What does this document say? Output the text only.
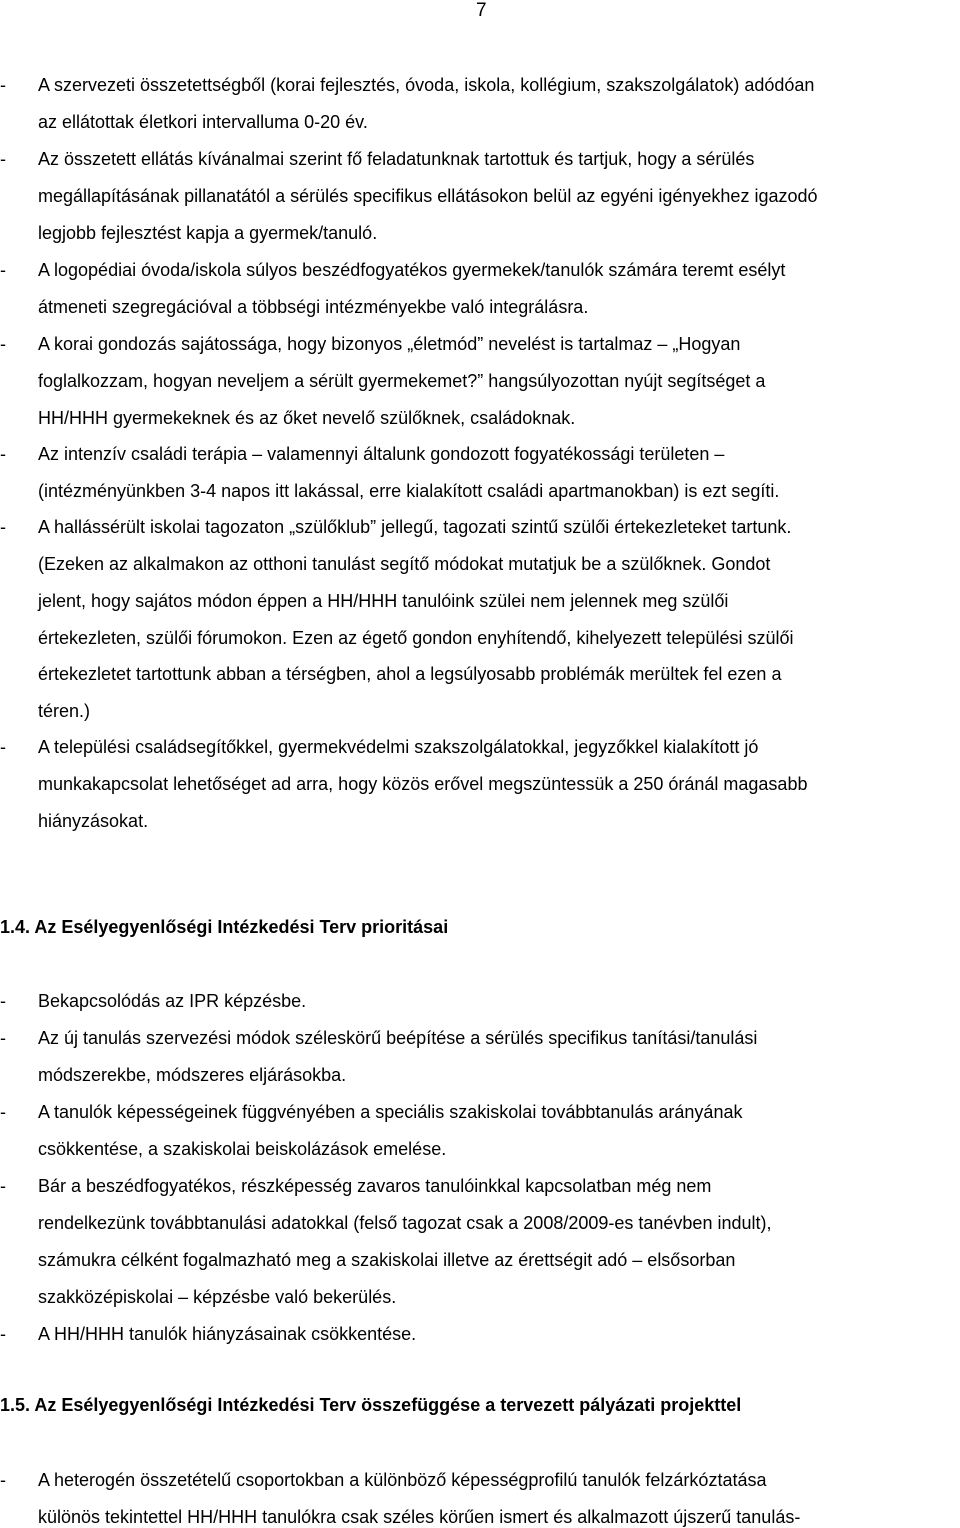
7
- A szervezeti összetettségből (korai fejlesztés, óvoda, iskola, kollégium, szakszolgálatok) adódóan
az ellátottak életkori intervalluma 0-20 év.
- Az összetett ellátás kívánalmai szerint fő feladatunknak tartottuk és tartjuk, hogy a sérülés
megállapításának pillanatától a sérülés specifikus ellátásokon belül az egyéni igényekhez igazodó
legjobb fejlesztést kapja a gyermek/tanuló.
- A logopédiai óvoda/iskola súlyos beszédfogyatékos gyermekek/tanulók számára teremt esélyt
átmeneti szegregációval a többségi intézményekbe való integrálásra.
- A korai gondozás sajátossága, hogy bizonyos „életmód” nevelést is tartalmaz – „Hogyan
foglalkozzam, hogyan neveljem a sérült gyermekemet?” hangsúlyozottan nyújt segítséget a
HH/HHH gyermekeknek és az őket nevelő szülőknek, családoknak.
- Az intenzív családi terápia – valamennyi általunk gondozott fogyatékossági területen –
(intézményünkben 3-4 napos itt lakással, erre kialakított családi apartmanokban) is ezt segíti.
- A hallássérült iskolai tagozaton „szülőklub” jellegű, tagozati szintű szülői értekezleteket tartunk.
(Ezeken az alkalmakon az otthoni tanulást segítő módokat mutatjuk be a szülőknek. Gondot
jelent, hogy sajátos módon éppen a HH/HHH tanulóink szülei nem jelennek meg szülői
értekezleten, szülői fórumokon. Ezen az égető gondon enyhítendő, kihelyezett települési szülői
értekezletet tartottunk abban a térségben, ahol a legsúlyosabb problémák merültek fel ezen a
téren.)
- A települési családsegítőkkel, gyermekvédelmi szakszolgálatokkal, jegyzőkkel kialakított jó
munkakapcsolat lehetőséget ad arra, hogy közös erővel megszüntessük a 250 óránál magasabb
hiányzásokat.
1.4. Az Esélyegyenlőségi Intézkedési Terv prioritásai
- Bekapcsolódás az IPR képzésbe.
- Az új tanulás szervezési módok széleskörű beépítése a sérülés specifikus tanítási/tanulási
módszerekbe, módszeres eljárásokba.
- A tanulók képességeinek függvényében a speciális szakiskolai továbbtanulás arányának
csökkentése, a szakiskolai beiskolázások emelése.
- Bár a beszédfogyatékos, részképesség zavaros tanulóinkkal kapcsolatban még nem
rendelkezünk továbbtanulási adatokkal (felső tagozat csak a 2008/2009-es tanévben indult),
számukra célként fogalmazható meg a szakiskolai illetve az érettségit adó – elsősorban
szakközépiskolai – képzésbe való bekerülés.
- A HH/HHH tanulók hiányzásainak csökkentése.
1.5. Az Esélyegyenlőségi Intézkedési Terv összefüggése a tervezett pályázati projekttel
- A heterogén összetételű csoportokban a különböző képességprofilú tanulók felzárkóztatása
különös tekintettel HH/HHH tanulókra csak széles körűen ismert és alkalmazott újszerű tanulás-
